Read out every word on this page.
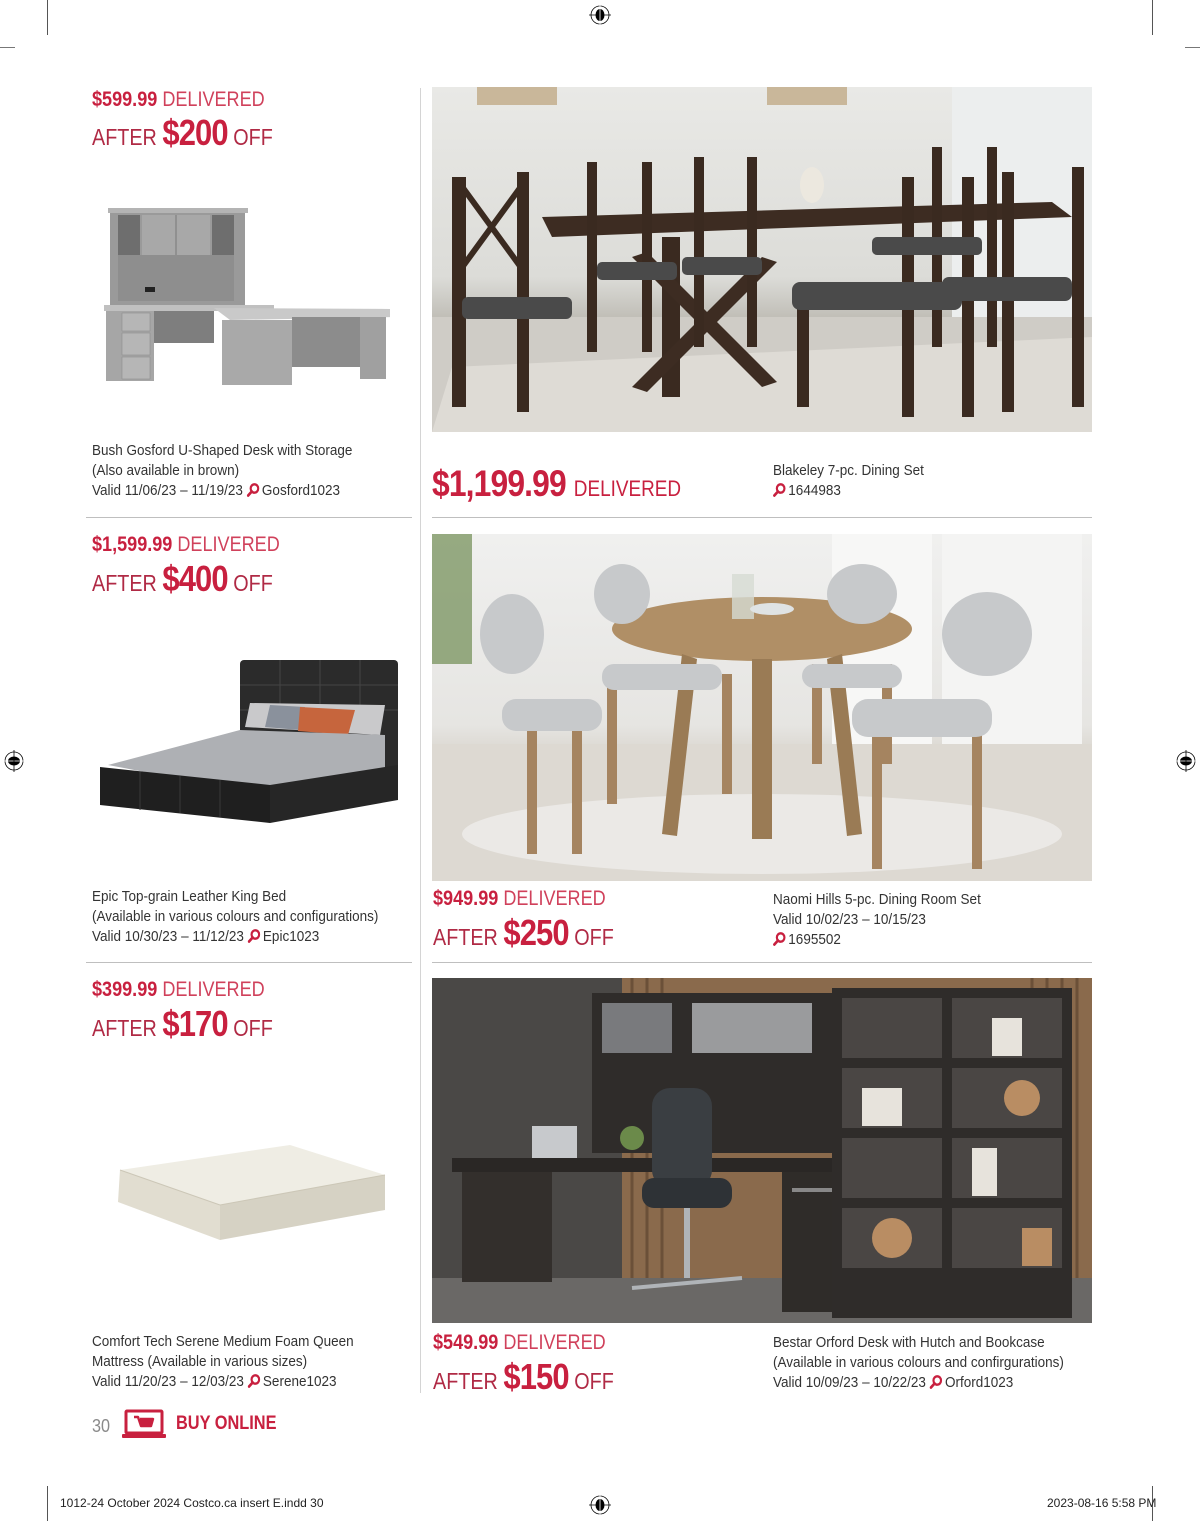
$599.99 DELIVERED
AFTER $200 OFF
Bush Gosford U-Shaped Desk with Storage
(Also available in brown)
Valid 11/06/23 – 11/19/23 Gosford1023 $1,199.99 DELIVERED
Blakeley 7-pc. Dining Set
1644983
$1,599.99 DELIVERED
AFTER $400 OFF
Epic Top-grain Leather King Bed
(Available in various colours and configurations)
Valid 10/30/23 – 11/12/23 Epic1023
$949.99 DELIVERED
AFTER $250 OFF
Naomi Hills 5-pc. Dining Room Set
Valid 10/02/23 – 10/15/23
1695502
$399.99 DELIVERED
AFTER $170 OFF
Comfort Tech Serene Medium Foam Queen
Mattress (Available in various sizes)
Valid 11/20/23 – 12/03/23 Serene1023
$549.99 DELIVERED
AFTER $150 OFF
Bestar Orford Desk with Hutch and Bookcase
(Available in various colours and confirgurations)
Valid 10/09/23 – 10/22/23 Orford1023
30	BUY ONLINE
1012-24 October 2024 Costco.ca insert E.indd 30	2023-08-16 5:58 PM
